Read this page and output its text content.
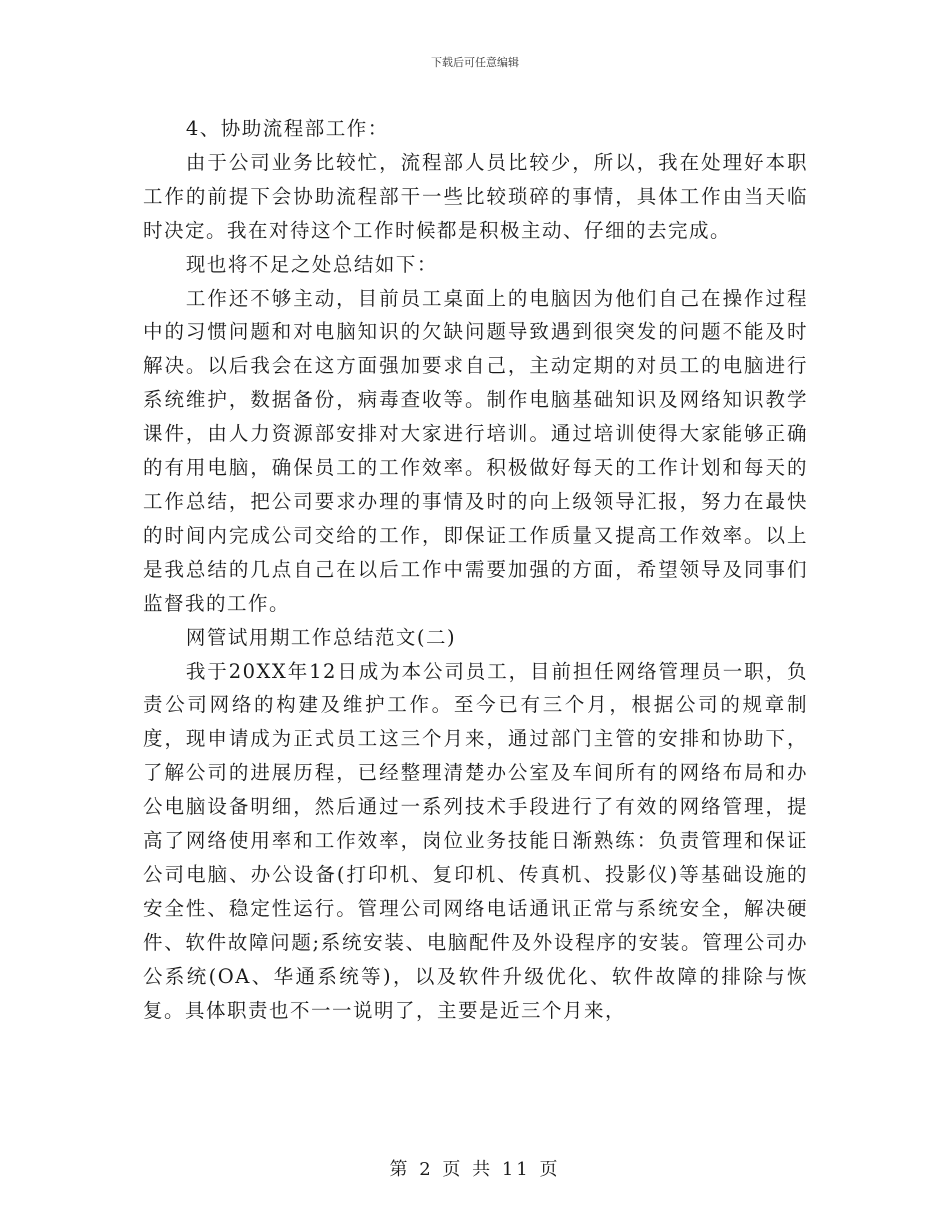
下载后可任意编辑

4、协助流程部工作：

由于公司业务比较忙，流程部人员比较少，所以，我在处理好本职工作的前提下会协助流程部干一些比较琐碎的事情，具体工作由当天临时决定。我在对待这个工作时候都是积极主动、仔细的去完成。

现也将不足之处总结如下：

工作还不够主动，目前员工桌面上的电脑因为他们自己在操作过程中的习惯问题和对电脑知识的欠缺问题导致遇到很突发的问题不能及时解决。以后我会在这方面强加要求自己，主动定期的对员工的电脑进行系统维护，数据备份，病毒查收等。制作电脑基础知识及网络知识教学课件，由人力资源部安排对大家进行培训。通过培训使得大家能够正确的有用电脑，确保员工的工作效率。积极做好每天的工作计划和每天的工作总结，把公司要求办理的事情及时的向上级领导汇报，努力在最快的时间内完成公司交给的工作，即保证工作质量又提高工作效率。以上是我总结的几点自己在以后工作中需要加强的方面，希望领导及同事们监督我的工作。

网管试用期工作总结范文(二)

我于20XX年12日成为本公司员工，目前担任网络管理员一职，负责公司网络的构建及维护工作。至今已有三个月，根据公司的规章制度，现申请成为正式员工这三个月来，通过部门主管的安排和协助下，了解公司的进展历程，已经整理清楚办公室及车间所有的网络布局和办公电脑设备明细，然后通过一系列技术手段进行了有效的网络管理，提高了网络使用率和工作效率，岗位业务技能日渐熟练：负责管理和保证公司电脑、办公设备(打印机、复印机、传真机、投影仪)等基础设施的安全性、稳定性运行。管理公司网络电话通讯正常与系统安全，解决硬件、软件故障问题;系统安装、电脑配件及外设程序的安装。管理公司办公系统(OA、华通系统等)，以及软件升级优化、软件故障的排除与恢复。具体职责也不一一说明了，主要是近三个月来，

第 2 页 共 11 页
